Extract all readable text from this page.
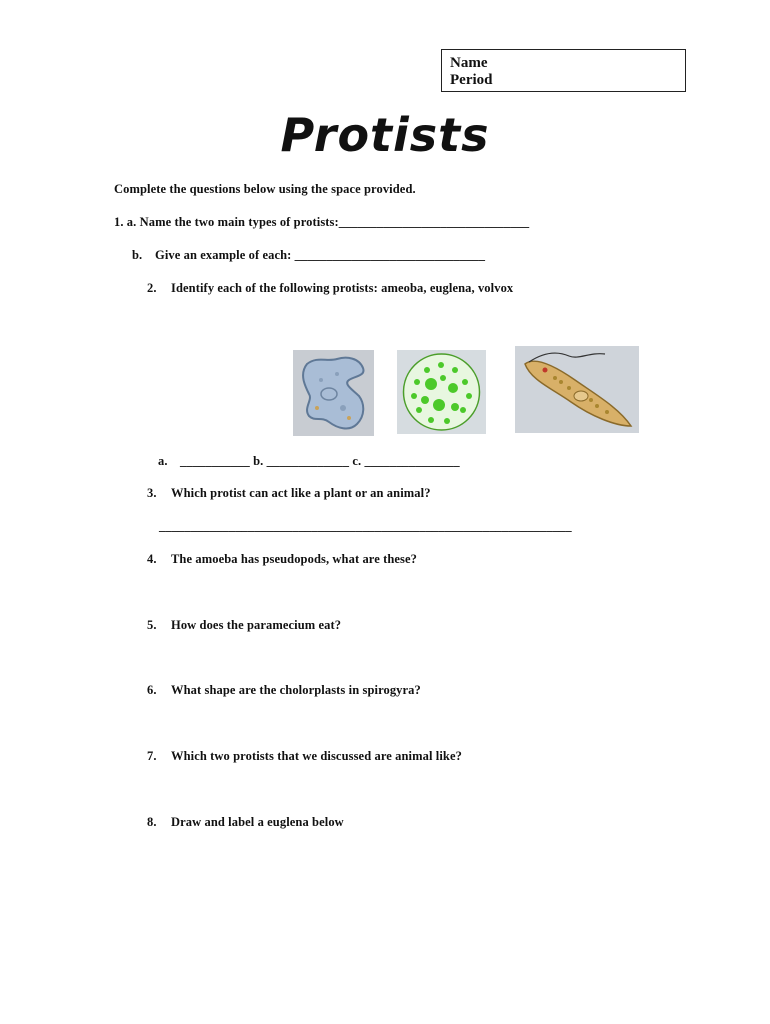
Name
Period
Protists
Complete the questions below using the space provided.
1. a. Name the two main types of protists:______________________________
b. Give an example of each: ______________________________
2. Identify each of the following protists: ameoba, euglena, volvox
a. ___________ b. _____________ c. _______________
3. Which protist can act like a plant or an animal?
_________________________________________________________________
4. The amoeba has pseudopods, what are these?
5. How does the paramecium eat?
6. What shape are the cholorplasts in spirogyra?
7. Which two protists that we discussed are animal like?
8. Draw and label a euglena below
